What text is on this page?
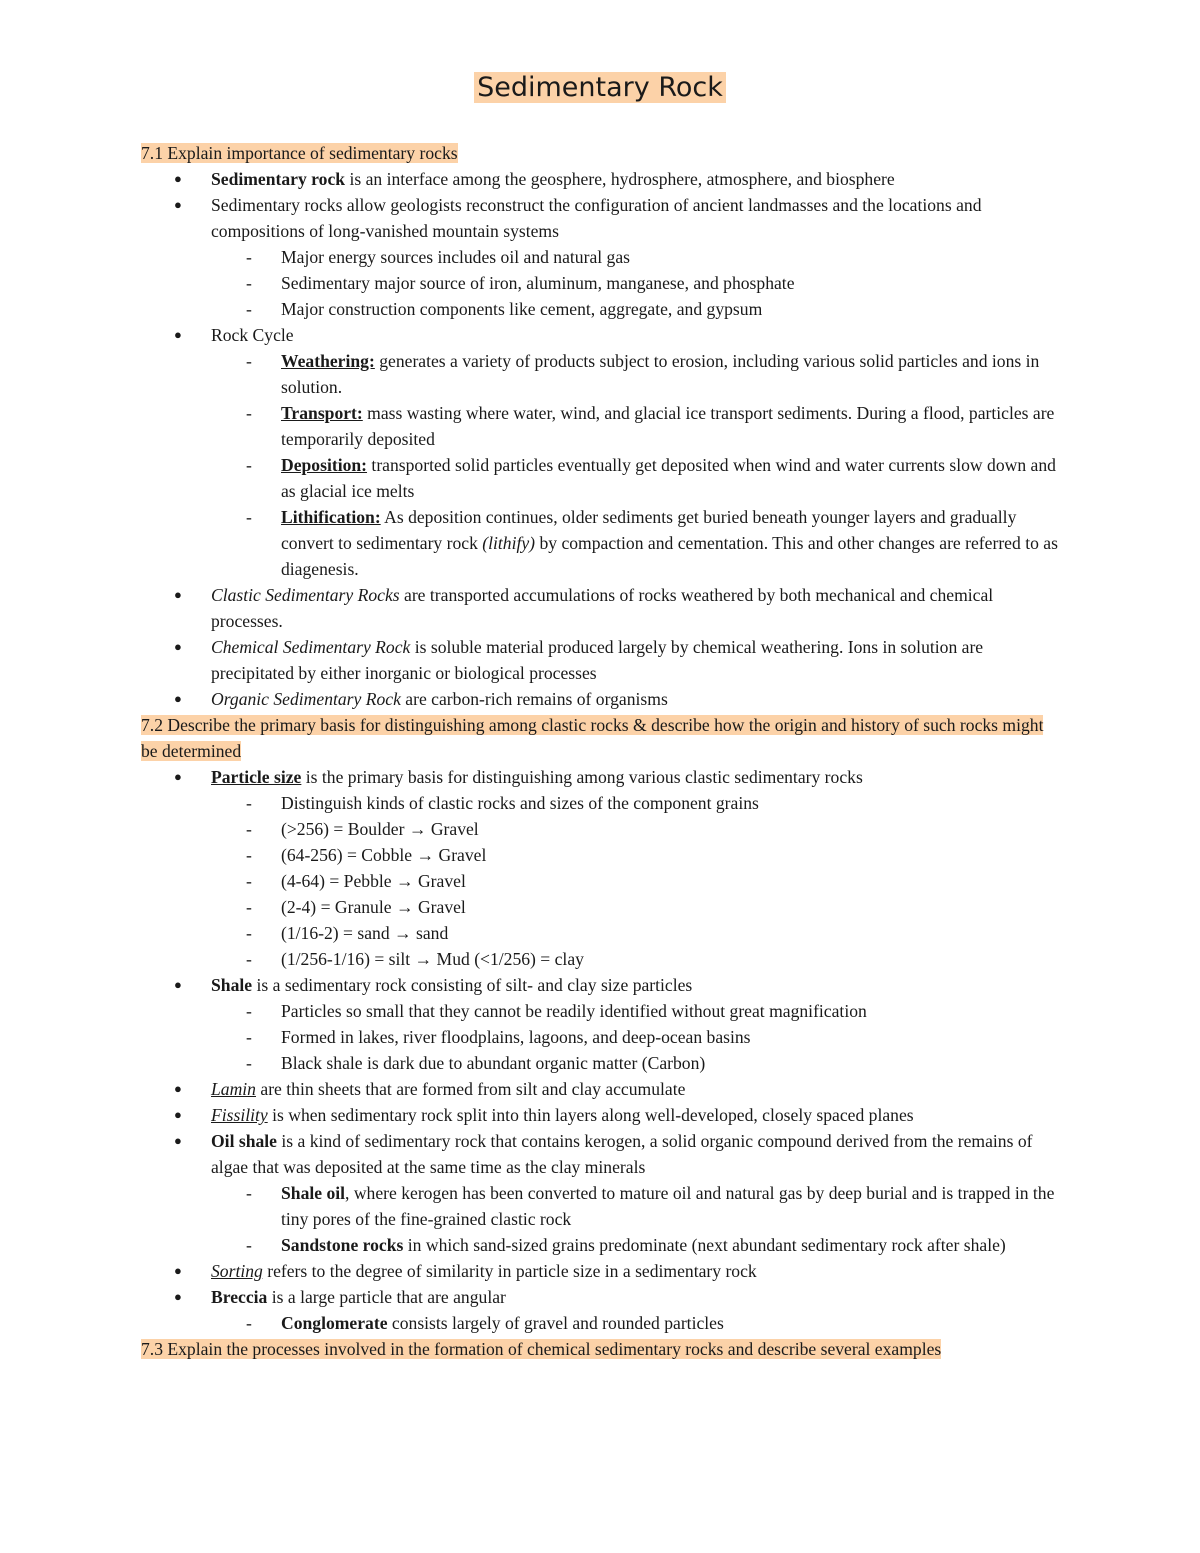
Sedimentary Rock
7.1 Explain importance of sedimentary rocks
● Sedimentary rock is an interface among the geosphere, hydrosphere, atmosphere, and biosphere
● Sedimentary rocks allow geologists reconstruct the configuration of ancient landmasses and the locations and compositions of long-vanished mountain systems
- Major energy sources includes oil and natural gas
- Sedimentary major source of iron, aluminum, manganese, and phosphate
- Major construction components like cement, aggregate, and gypsum
● Rock Cycle
- Weathering: generates a variety of products subject to erosion, including various solid particles and ions in solution.
- Transport: mass wasting where water, wind, and glacial ice transport sediments. During a flood, particles are temporarily deposited
- Deposition: transported solid particles eventually get deposited when wind and water currents slow down and as glacial ice melts
- Lithification: As deposition continues, older sediments get buried beneath younger layers and gradually convert to sedimentary rock (lithify) by compaction and cementation. This and other changes are referred to as diagenesis.
● Clastic Sedimentary Rocks are transported accumulations of rocks weathered by both mechanical and chemical processes.
● Chemical Sedimentary Rock is soluble material produced largely by chemical weathering. Ions in solution are precipitated by either inorganic or biological processes
● Organic Sedimentary Rock are carbon-rich remains of organisms
7.2 Describe the primary basis for distinguishing among clastic rocks & describe how the origin and history of such rocks might be determined
● Particle size is the primary basis for distinguishing among various clastic sedimentary rocks
- Distinguish kinds of clastic rocks and sizes of the component grains
- (>256) = Boulder → Gravel
- (64-256) = Cobble → Gravel
- (4-64) = Pebble → Gravel
- (2-4) = Granule → Gravel
- (1/16-2) = sand → sand
- (1/256-1/16) = silt → Mud (<1/256) = clay
● Shale is a sedimentary rock consisting of silt- and clay size particles
- Particles so small that they cannot be readily identified without great magnification
- Formed in lakes, river floodplains, lagoons, and deep-ocean basins
- Black shale is dark due to abundant organic matter (Carbon)
● Lamin are thin sheets that are formed from silt and clay accumulate
● Fissility is when sedimentary rock split into thin layers along well-developed, closely spaced planes
● Oil shale is a kind of sedimentary rock that contains kerogen, a solid organic compound derived from the remains of algae that was deposited at the same time as the clay minerals
- Shale oil, where kerogen has been converted to mature oil and natural gas by deep burial and is trapped in the tiny pores of the fine-grained clastic rock
- Sandstone rocks in which sand-sized grains predominate (next abundant sedimentary rock after shale)
● Sorting refers to the degree of similarity in particle size in a sedimentary rock
● Breccia is a large particle that are angular
- Conglomerate consists largely of gravel and rounded particles
7.3 Explain the processes involved in the formation of chemical sedimentary rocks and describe several examples
